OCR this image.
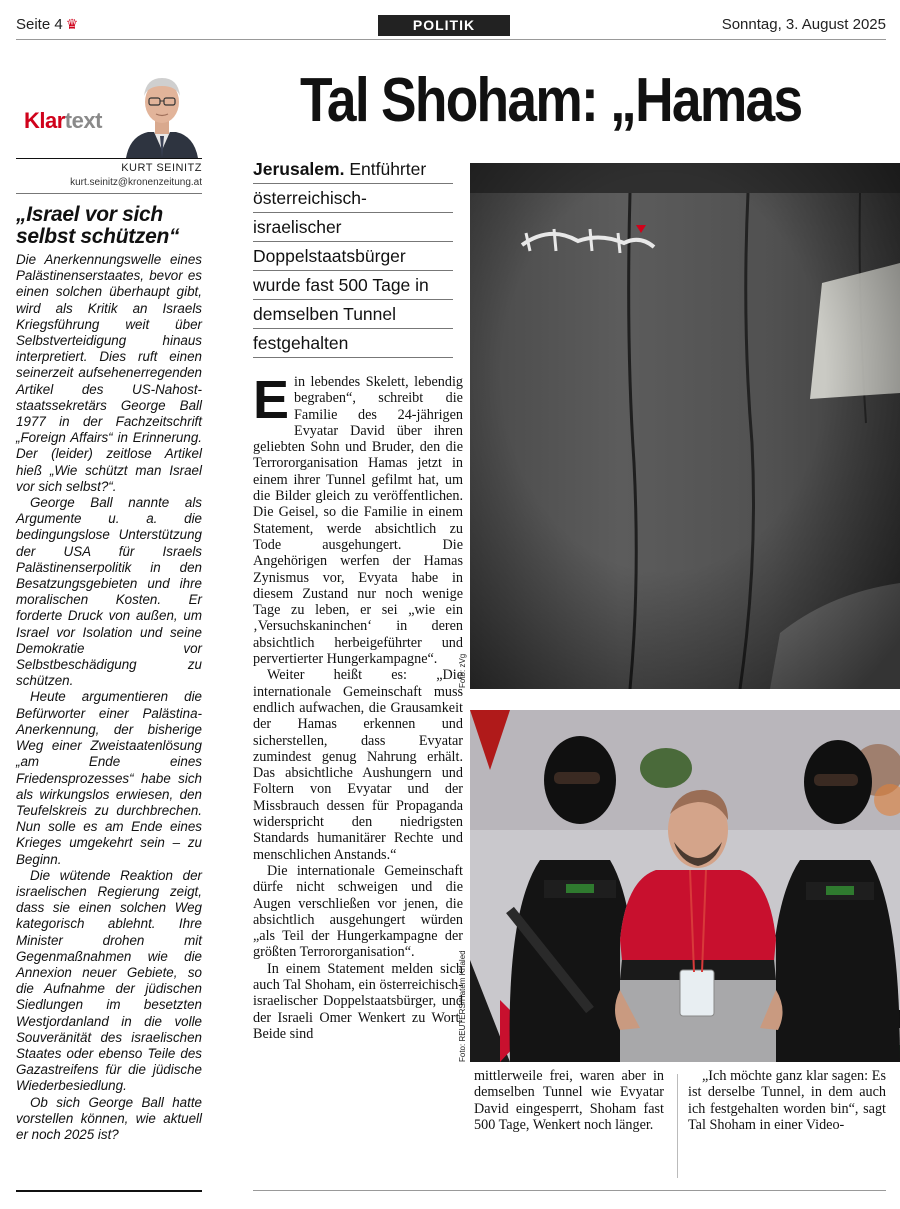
Seite 4 ♛	POLITIK	Sonntag, 3. August 2025
Klartext
KURT SEINITZ
kurt.seinitz@kronenzeitung.at
„Israel vor sich selbst schützen“

Die Anerkennungswelle eines Palästinenserstaates, bevor es einen solchen überhaupt gibt, wird als Kritik an Israels Kriegsführung weit über Selbstverteidigung hinaus interpretiert. Dies ruft einen seinerzeit aufsehenerregenden Artikel des US-Nahost-staatssekretärs George Ball 1977 in der Fachzeitschrift „Foreign Affairs“ in Erinnerung. Der (leider) zeitlose Artikel hieß „Wie schützt man Israel vor sich selbst?“.

George Ball nannte als Argumente u. a. die bedingungslose Unterstützung der USA für Israels Palästinenserpolitik in den Besatzungsgebieten und ihre moralischen Kosten. Er forderte Druck von außen, um Israel vor Isolation und seine Demokratie vor Selbstbeschädigung zu schützen.

Heute argumentieren die Befürworter einer Palästina-Anerkennung, der bisherige Weg einer Zweistaatenlösung „am Ende eines Friedensprozesses“ habe sich als wirkungslos erwiesen, den Teufelskreis zu durchbrechen. Nun solle es am Ende eines Krieges umgekehrt sein – zu Beginn.

Die wütende Reaktion der israelischen Regierung zeigt, dass sie einen solchen Weg kategorisch ablehnt. Ihre Minister drohen mit Gegenmaßnahmen wie die Annexion neuer Gebiete, so die Aufnahme der jüdischen Siedlungen im besetzten Westjordanland in die volle Souveränität des israelischen Staates oder ebenso Teile des Gazastreifens für die jüdische Wiederbesiedlung.

Ob sich George Ball hatte vorstellen können, wie aktuell er noch 2025 ist?

Tal Shoham: „Hamas
Jerusalem. Entführter
österreichisch-
israelischer
Doppelstaatsbürger
wurde fast 500 Tage in
demselben Tunnel
festgehalten

Ein lebendes Skelett, lebendig begraben“, schreibt die Familie des 24-jährigen Evyatar David über ihren geliebten Sohn und Bruder, den die Terrororganisation Hamas jetzt in einem ihrer Tunnel gefilmt hat, um die Bilder gleich zu veröffentlichen. Die Geisel, so die Familie in einem Statement, werde absichtlich zu Tode ausgehungert. Die Angehörigen werfen der Hamas Zynismus vor, Evyata habe in diesem Zustand nur noch wenige Tage zu leben, er sei „wie ein ‚Versuchskaninchen‘ in deren absichtlich herbeigeführter und pervertierter Hungerkampagne“.

Weiter heißt es: „Die internationale Gemeinschaft muss endlich aufwachen, die Grausamkeit der Hamas erkennen und sicherstellen, dass Evyatar zumindest genug Nahrung erhält. Das absichtliche Aushungern und Foltern von Evyatar und der Missbrauch dessen für Propaganda widerspricht den niedrigsten Standards humanitärer Rechte und menschlichen Anstands.“

Die internationale Gemeinschaft dürfe nicht schweigen und die Augen verschließen vor jenen, die absichtlich ausgehungert würden „als Teil der Hungerkampagne der größten Terrororganisation“.

In einem Statement melden sich auch Tal Shoham, ein österreichisch-israelischer Doppelstaatsbürger, und der Israeli Omer Wenkert zu Wort. Beide sind

Foto: zVg
Foto: REUTERS/Hatem Khaled
mittlerweile frei, waren aber in demselben Tunnel wie Evyatar David eingesperrt, Shoham fast 500 Tage, Wenkert noch länger.

„Ich möchte ganz klar sagen: Es ist derselbe Tunnel, in dem auch ich festgehalten worden bin“, sagt Tal Shoham in einer Video-
